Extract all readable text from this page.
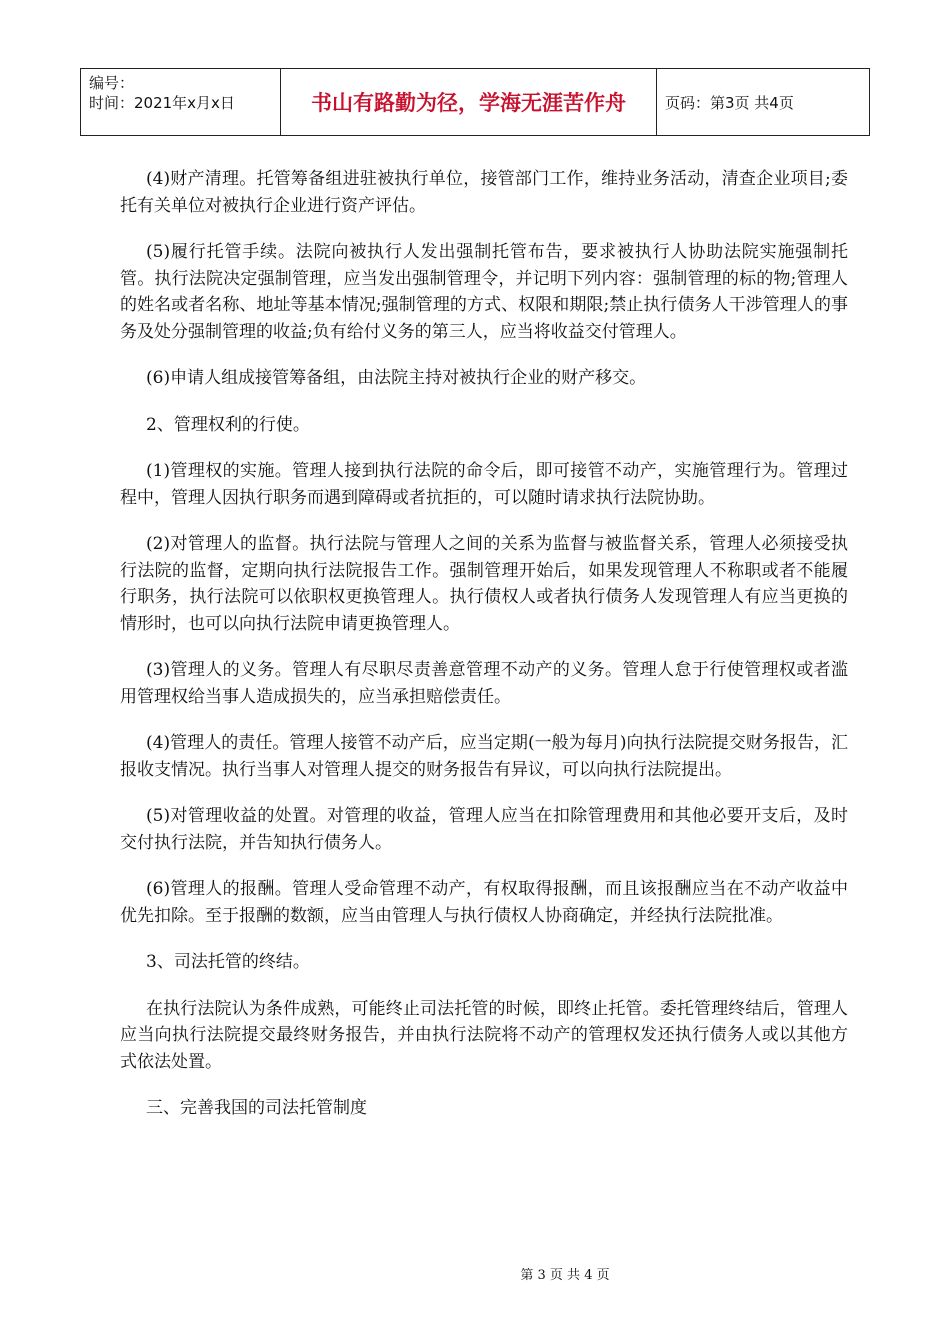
编号：
时间：2021年x月x日	书山有路勤为径，学海无涯苦作舟	页码：第3页 共4页

(4)财产清理。托管筹备组进驻被执行单位，接管部门工作，维持业务活动，清查企业项目;委托有关单位对被执行企业进行资产评估。

(5)履行托管手续。法院向被执行人发出强制托管布告，要求被执行人协助法院实施强制托管。执行法院决定强制管理，应当发出强制管理令，并记明下列内容：强制管理的标的物;管理人的姓名或者名称、地址等基本情况;强制管理的方式、权限和期限;禁止执行债务人干涉管理人的事务及处分强制管理的收益;负有给付义务的第三人，应当将收益交付管理人。

(6)申请人组成接管筹备组，由法院主持对被执行企业的财产移交。

2、管理权利的行使。

(1)管理权的实施。管理人接到执行法院的命令后，即可接管不动产，实施管理行为。管理过程中，管理人因执行职务而遇到障碍或者抗拒的，可以随时请求执行法院协助。

(2)对管理人的监督。执行法院与管理人之间的关系为监督与被监督关系，管理人必须接受执行法院的监督，定期向执行法院报告工作。强制管理开始后，如果发现管理人不称职或者不能履行职务，执行法院可以依职权更换管理人。执行债权人或者执行债务人发现管理人有应当更换的情形时，也可以向执行法院申请更换管理人。

(3)管理人的义务。管理人有尽职尽责善意管理不动产的义务。管理人怠于行使管理权或者滥用管理权给当事人造成损失的，应当承担赔偿责任。

(4)管理人的责任。管理人接管不动产后，应当定期(一般为每月)向执行法院提交财务报告，汇报收支情况。执行当事人对管理人提交的财务报告有异议，可以向执行法院提出。

(5)对管理收益的处置。对管理的收益，管理人应当在扣除管理费用和其他必要开支后，及时交付执行法院，并告知执行债务人。

(6)管理人的报酬。管理人受命管理不动产，有权取得报酬，而且该报酬应当在不动产收益中优先扣除。至于报酬的数额，应当由管理人与执行债权人协商确定，并经执行法院批准。

3、司法托管的终结。

在执行法院认为条件成熟，可能终止司法托管的时候，即终止托管。委托管理终结后，管理人应当向执行法院提交最终财务报告，并由执行法院将不动产的管理权发还执行债务人或以其他方式依法处置。

三、完善我国的司法托管制度

第 3 页 共 4 页
